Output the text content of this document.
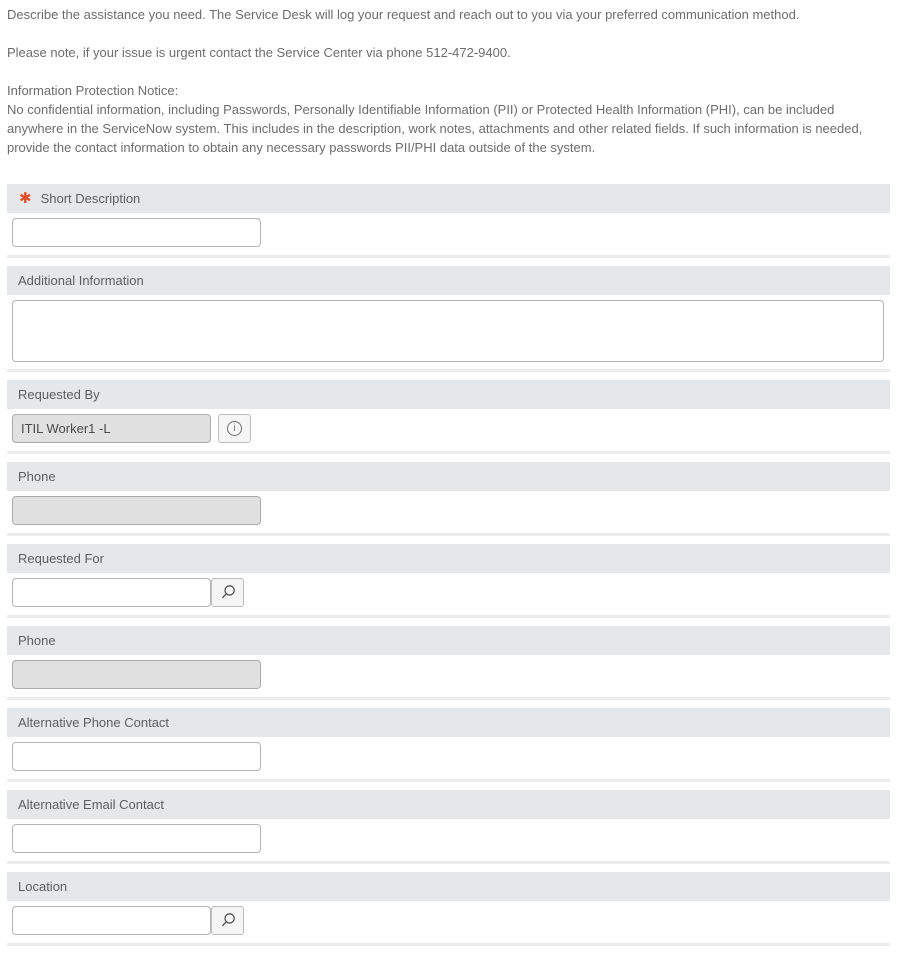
Describe the assistance you need. The Service Desk will log your request and reach out to you via your preferred communication method.

Please note, if your issue is urgent contact the Service Center via phone 512-472-9400.

Information Protection Notice:
No confidential information, including Passwords, Personally Identifiable Information (PII) or Protected Health Information (PHI), can be included anywhere in the ServiceNow system. This includes in the description, work notes, attachments and other related fields. If such information is needed, provide the contact information to obtain any necessary passwords PII/PHI data outside of the system.

✱ Short Description
Additional Information
Requested By
ITIL Worker1 -L
i
Phone
Requested For
Phone
Alternative Phone Contact
Alternative Email Contact
Location
